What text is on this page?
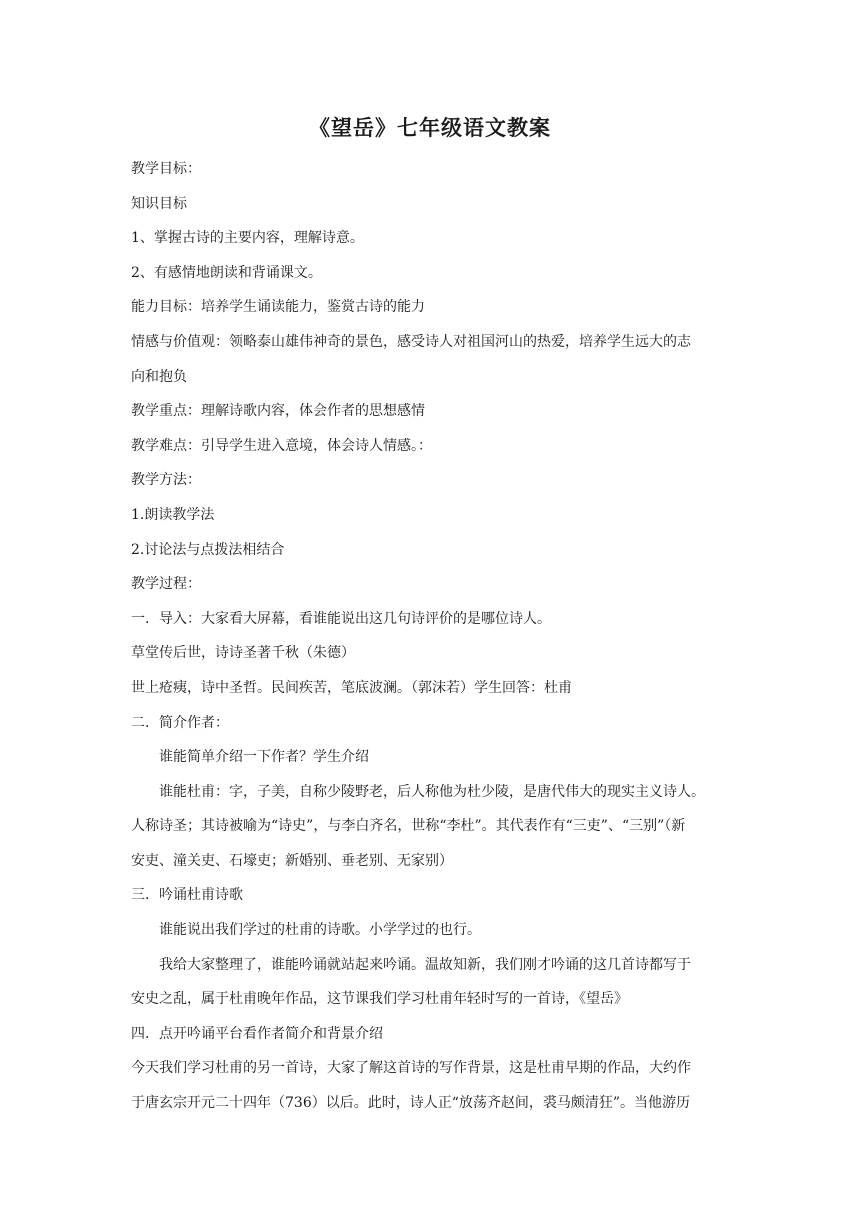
《望岳》七年级语文教案

教学目标：

知识目标

1、掌握古诗的主要内容，理解诗意。

2、有感情地朗读和背诵课文。

能力目标：培养学生诵读能力，鉴赏古诗的能力

情感与价值观：领略泰山雄伟神奇的景色，感受诗人对祖国河山的热爱，培养学生远大的志

向和抱负

教学重点：理解诗歌内容，体会作者的思想感情

教学难点：引导学生进入意境，体会诗人情感。：

教学方法：

1.朗读教学法

2.讨论法与点拨法相结合

教学过程：

一．导入：大家看大屏幕，看谁能说出这几句诗评价的是哪位诗人。

草堂传后世，诗诗圣著千秋（朱德）

世上疮痍，诗中圣哲。民间疾苦，笔底波澜。（郭沫若）学生回答：杜甫

二．简介作者：

谁能简单介绍一下作者？学生介绍

谁能杜甫：字，子美，自称少陵野老，后人称他为杜少陵，是唐代伟大的现实主义诗人。

人称诗圣；其诗被喻为“诗史”，与李白齐名，世称“李杜”。其代表作有“三吏”、“三别”（新

安吏、潼关吏、石壕吏；新婚别、垂老别、无家别）

三．吟诵杜甫诗歌

谁能说出我们学过的杜甫的诗歌。小学学过的也行。

我给大家整理了，谁能吟诵就站起来吟诵。温故知新，我们刚才吟诵的这几首诗都写于

安史之乱，属于杜甫晚年作品，这节课我们学习杜甫年轻时写的一首诗，《望岳》

四．点开吟诵平台看作者简介和背景介绍

今天我们学习杜甫的另一首诗，大家了解这首诗的写作背景，这是杜甫早期的作品，大约作

于唐玄宗开元二十四年（736）以后。此时，诗人正“放荡齐赵间，裘马颇清狂”。当他游历
